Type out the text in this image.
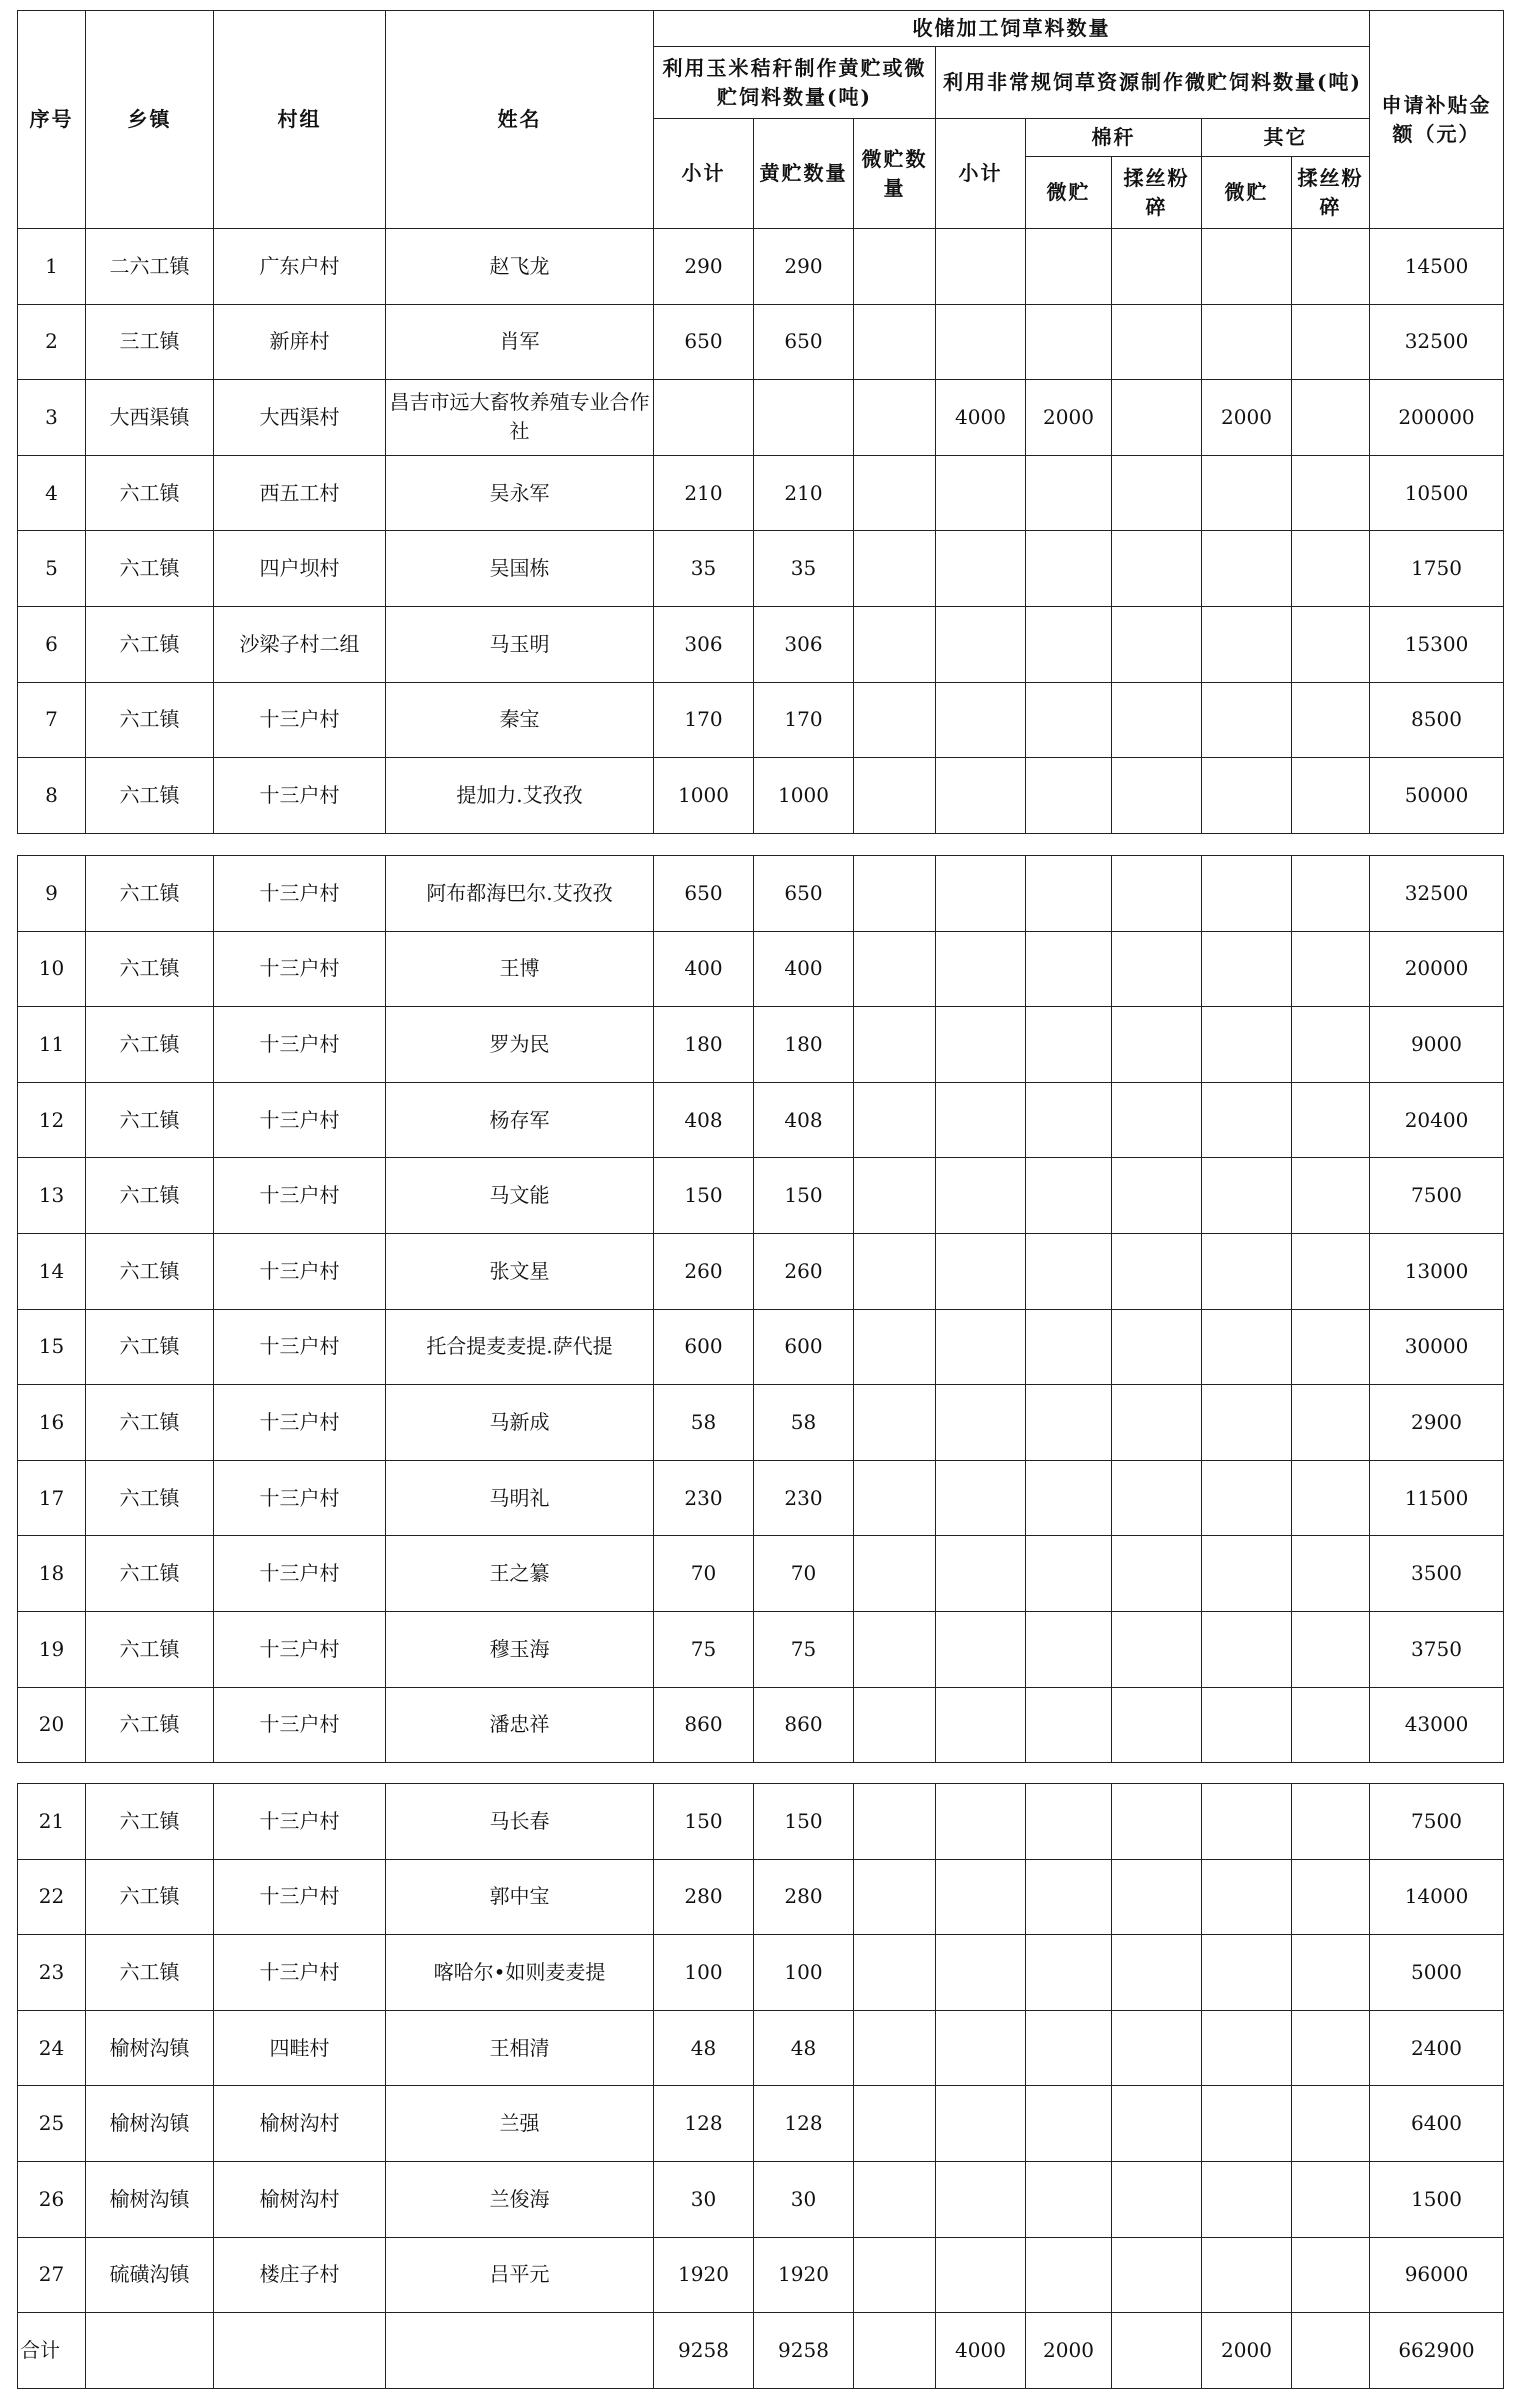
序号	乡镇	村组	姓名	收储加工饲草料数量								申请补贴金额（元）
				利用玉米秸秆制作黄贮或微贮饲料数量(吨)			利用非常规饲草资源制作微贮饲料数量(吨)					
				小计	黄贮数量	微贮数量	小计	棉秆		其它		
								微贮	揉丝粉碎	微贮	揉丝粉碎	
1	二六工镇	广东户村	赵飞龙	290	290							14500
2	三工镇	新庰村	肖军	650	650							32500
3	大西渠镇	大西渠村	昌吉市远大畜牧养殖专业合作社				4000	2000		2000		200000
4	六工镇	西五工村	吴永军	210	210							10500
5	六工镇	四户坝村	吴国栋	35	35							1750
6	六工镇	沙梁子村二组	马玉明	306	306							15300
7	六工镇	十三户村	秦宝	170	170							8500
8	六工镇	十三户村	提加力.艾孜孜	1000	1000							50000
9	六工镇	十三户村	阿布都海巴尔.艾孜孜	650	650							32500
10	六工镇	十三户村	王博	400	400							20000
11	六工镇	十三户村	罗为民	180	180							9000
12	六工镇	十三户村	杨存军	408	408							20400
13	六工镇	十三户村	马文能	150	150							7500
14	六工镇	十三户村	张文星	260	260							13000
15	六工镇	十三户村	托合提麦麦提.萨代提	600	600							30000
16	六工镇	十三户村	马新成	58	58							2900
17	六工镇	十三户村	马明礼	230	230							11500
18	六工镇	十三户村	王之纂	70	70							3500
19	六工镇	十三户村	穆玉海	75	75							3750
20	六工镇	十三户村	潘忠祥	860	860							43000
21	六工镇	十三户村	马长春	150	150							7500
22	六工镇	十三户村	郭中宝	280	280							14000
23	六工镇	十三户村	喀哈尔•如则麦麦提	100	100							5000
24	榆树沟镇	四畦村	王相清	48	48							2400
25	榆树沟镇	榆树沟村	兰强	128	128							6400
26	榆树沟镇	榆树沟村	兰俊海	30	30							1500
27	硫磺沟镇	楼庄子村	吕平元	1920	1920							96000
合计				9258	9258		4000	2000		2000		662900
